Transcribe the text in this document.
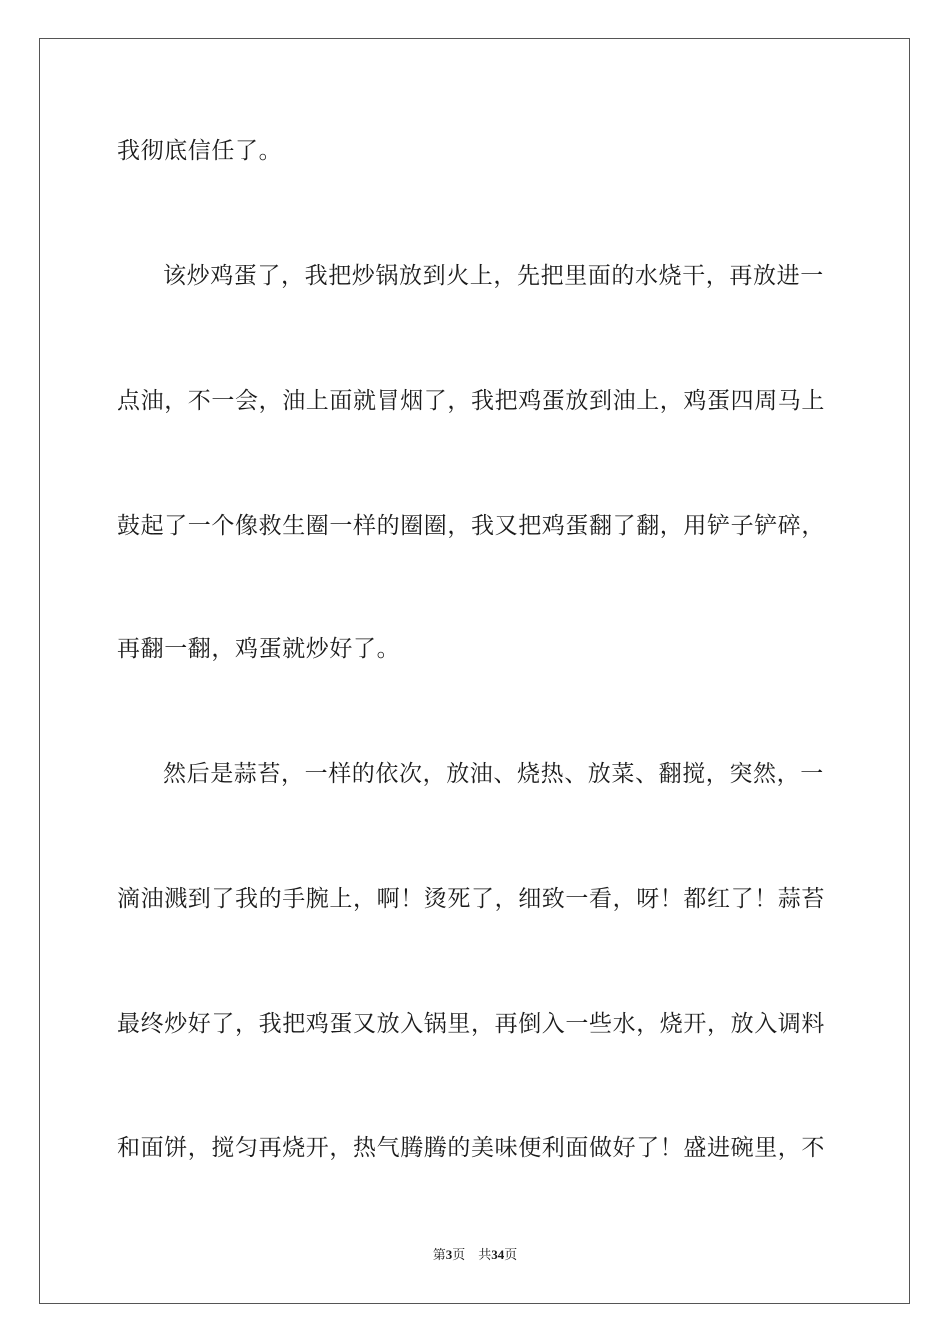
我彻底信任了。
该炒鸡蛋了，我把炒锅放到火上，先把里面的水烧干，再放进一
点油，不一会，油上面就冒烟了，我把鸡蛋放到油上，鸡蛋四周马上
鼓起了一个像救生圈一样的圈圈，我又把鸡蛋翻了翻，用铲子铲碎，
再翻一翻，鸡蛋就炒好了。
然后是蒜苔，一样的依次，放油、烧热、放菜、翻搅，突然，一
滴油溅到了我的手腕上，啊！烫死了，细致一看，呀！都红了！蒜苔
最终炒好了，我把鸡蛋又放入锅里，再倒入一些水，烧开，放入调料
和面饼，搅匀再烧开，热气腾腾的美味便利面做好了！盛进碗里，不
第3页 共34页
